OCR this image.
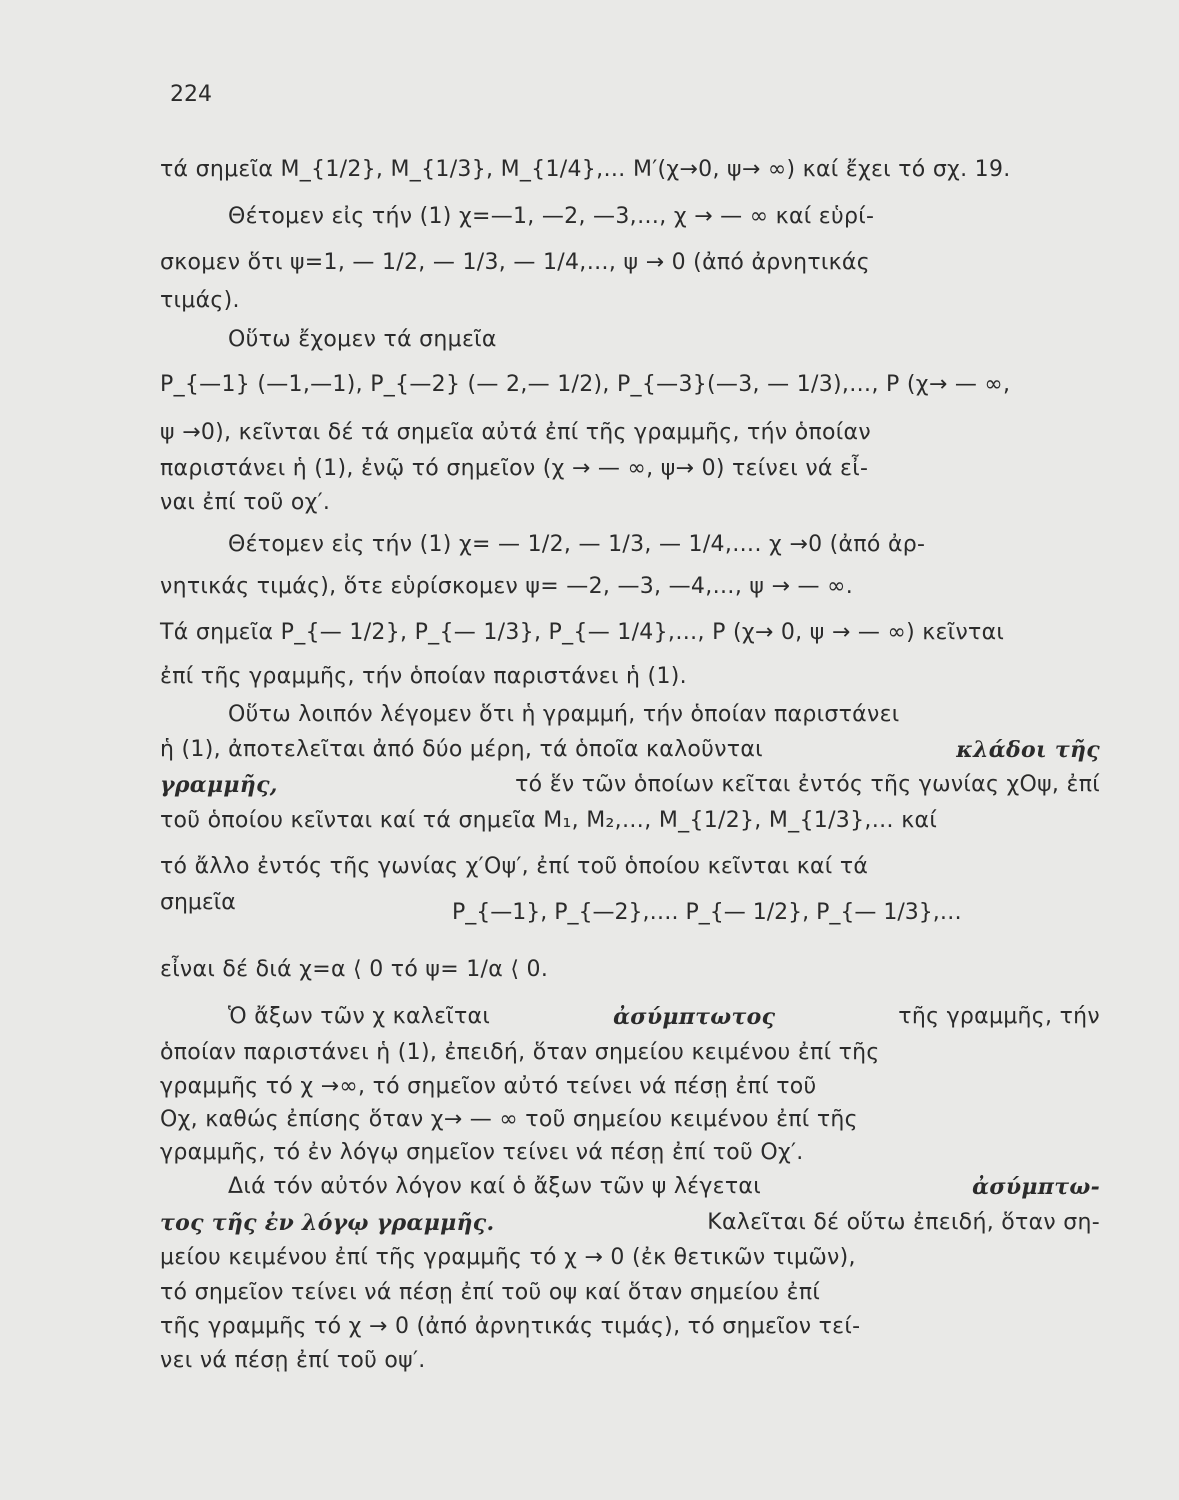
224
τά σημεῖα Μ_{1/2}, Μ_{1/3}, Μ_{1/4},… Μ′(χ→0, ψ→ ∞) καί ἔχει τό σχ. 19.
Θέτομεν εἰς τήν (1) χ=—1, —2, —3,…, χ → — ∞ καί εὑρί-
σκομεν ὅτι ψ=1, — 1/2, — 1/3, — 1/4,…, ψ → 0 (ἀπό ἀρνητικάς
τιμάς).
Οὕτω ἔχομεν τά σημεῖα
P_{—1} (—1,—1), P_{—2} (— 2,— 1/2), P_{—3}(—3, — 1/3),…, P (χ→ — ∞,
ψ →0), κεῖνται δέ τά σημεῖα αὐτά ἐπί τῆς γραμμῆς, τήν ὁποίαν
παριστάνει ἡ (1), ἐνῷ τό σημεῖον (χ → — ∞, ψ→ 0) τείνει νά εἶ-
ναι ἐπί τοῦ οχ′.
Θέτομεν εἰς τήν (1) χ= — 1/2, — 1/3, — 1/4,…. χ →0 (ἀπό ἀρ-
νητικάς τιμάς), ὅτε εὑρίσκομεν ψ= —2, —3, —4,…, ψ → — ∞.
Τά σημεῖα P_{— 1/2}, P_{— 1/3}, P_{— 1/4},…, P (χ→ 0, ψ → — ∞) κεῖνται
ἐπί τῆς γραμμῆς, τήν ὁποίαν παριστάνει ἡ (1).
Οὕτω λοιπόν λέγομεν ὅτι ἡ γραμμή, τήν ὁποίαν παριστάνει
ἡ (1), ἀποτελεῖται ἀπό δύο μέρη, τά ὁποῖα καλοῦνται	κλάδοι τῆς
γραμμῆς,	τό ἕν τῶν ὁποίων κεῖται ἐντός τῆς γωνίας χΟψ, ἐπί
τοῦ ὁποίου κεῖνται καί τά σημεῖα Μ₁, Μ₂,…, Μ_{1/2}, Μ_{1/3},… καί
τό ἄλλο ἐντός τῆς γωνίας χ′Οψ′, ἐπί τοῦ ὁποίου κεῖνται καί τά
σημεῖα	P_{—1}, P_{—2},…. P_{— 1/2}, P_{— 1/3},…
εἶναι δέ διά χ=α ⟨ 0 τό ψ= 1/α ⟨ 0.
Ὁ ἄξων τῶν χ καλεῖται	ἀσύμπτωτος	τῆς γραμμῆς, τήν
ὁποίαν παριστάνει ἡ (1), ἐπειδή, ὅταν σημείου κειμένου ἐπί τῆς
γραμμῆς τό χ →∞, τό σημεῖον αὐτό τείνει νά πέσῃ ἐπί τοῦ
Οχ, καθώς ἐπίσης ὅταν χ→ — ∞ τοῦ σημείου κειμένου ἐπί τῆς
γραμμῆς, τό ἐν λόγῳ σημεῖον τείνει νά πέσῃ ἐπί τοῦ Οχ′.
Διά τόν αὐτόν λόγον καί ὁ ἄξων τῶν ψ λέγεται	ἀσύμπτω-
τος τῆς ἐν λόγῳ γραμμῆς.	Καλεῖται δέ οὕτω ἐπειδή, ὅταν ση-
μείου κειμένου ἐπί τῆς γραμμῆς τό χ → 0 (ἐκ θετικῶν τιμῶν),
τό σημεῖον τείνει νά πέσῃ ἐπί τοῦ οψ καί ὅταν σημείου ἐπί
τῆς γραμμῆς τό χ → 0 (ἀπό ἀρνητικάς τιμάς), τό σημεῖον τεί-
νει νά πέσῃ ἐπί τοῦ οψ′.
